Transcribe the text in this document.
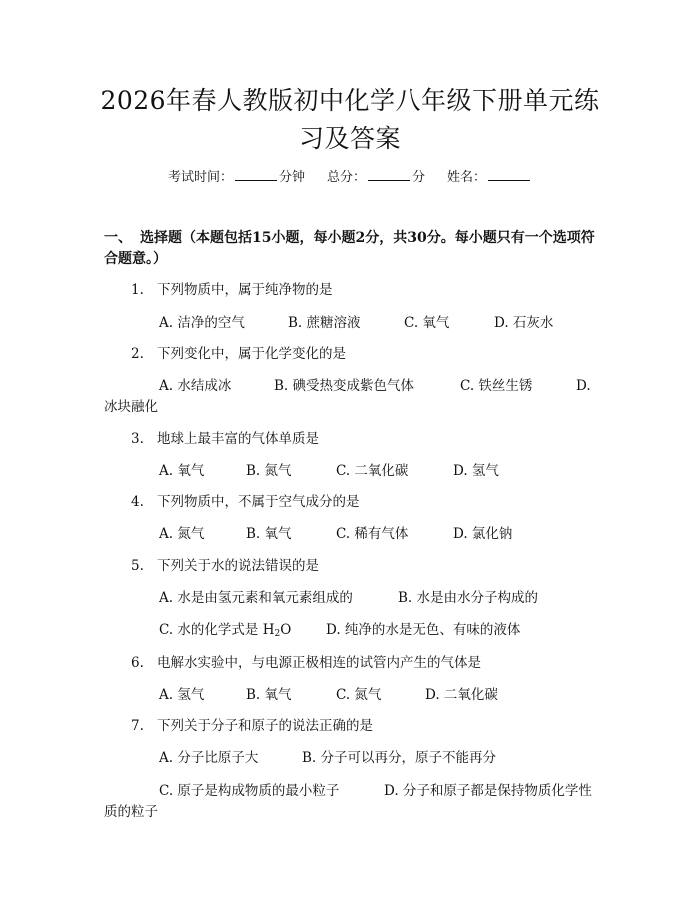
2026年春人教版初中化学八年级下册单元练习及答案
考试时间：	分钟 总分：	分 姓名：
一、 选择题（本题包括15小题，每小题2分，共30分。每小题只有一个选项符
合题意。）
1. 下列物质中，属于纯净物的是
A. 洁净的空气	B. 蔗糖溶液	C. 氧气	D. 石灰水
2. 下列变化中，属于化学变化的是
A. 水结成冰	B. 碘受热变成紫色气体	C. 铁丝生锈	D.
冰块融化
3. 地球上最丰富的气体单质是
A. 氧气	B. 氮气	C. 二氧化碳	D. 氢气
4. 下列物质中，不属于空气成分的是
A. 氮气	B. 氧气	C. 稀有气体	D. 氯化钠
5. 下列关于水的说法错误的是
A. 水是由氢元素和氧元素组成的	B. 水是由水分子构成的
C. 水的化学式是 $H_2O$	D. 纯净的水是无色、有味的液体
6. 电解水实验中，与电源正极相连的试管内产生的气体是
A. 氢气	B. 氧气	C. 氮气	D. 二氧化碳
7. 下列关于分子和原子的说法正确的是
A. 分子比原子大	B. 分子可以再分，原子不能再分
C. 原子是构成物质的最小粒子	D. 分子和原子都是保持物质化学性
质的粒子
